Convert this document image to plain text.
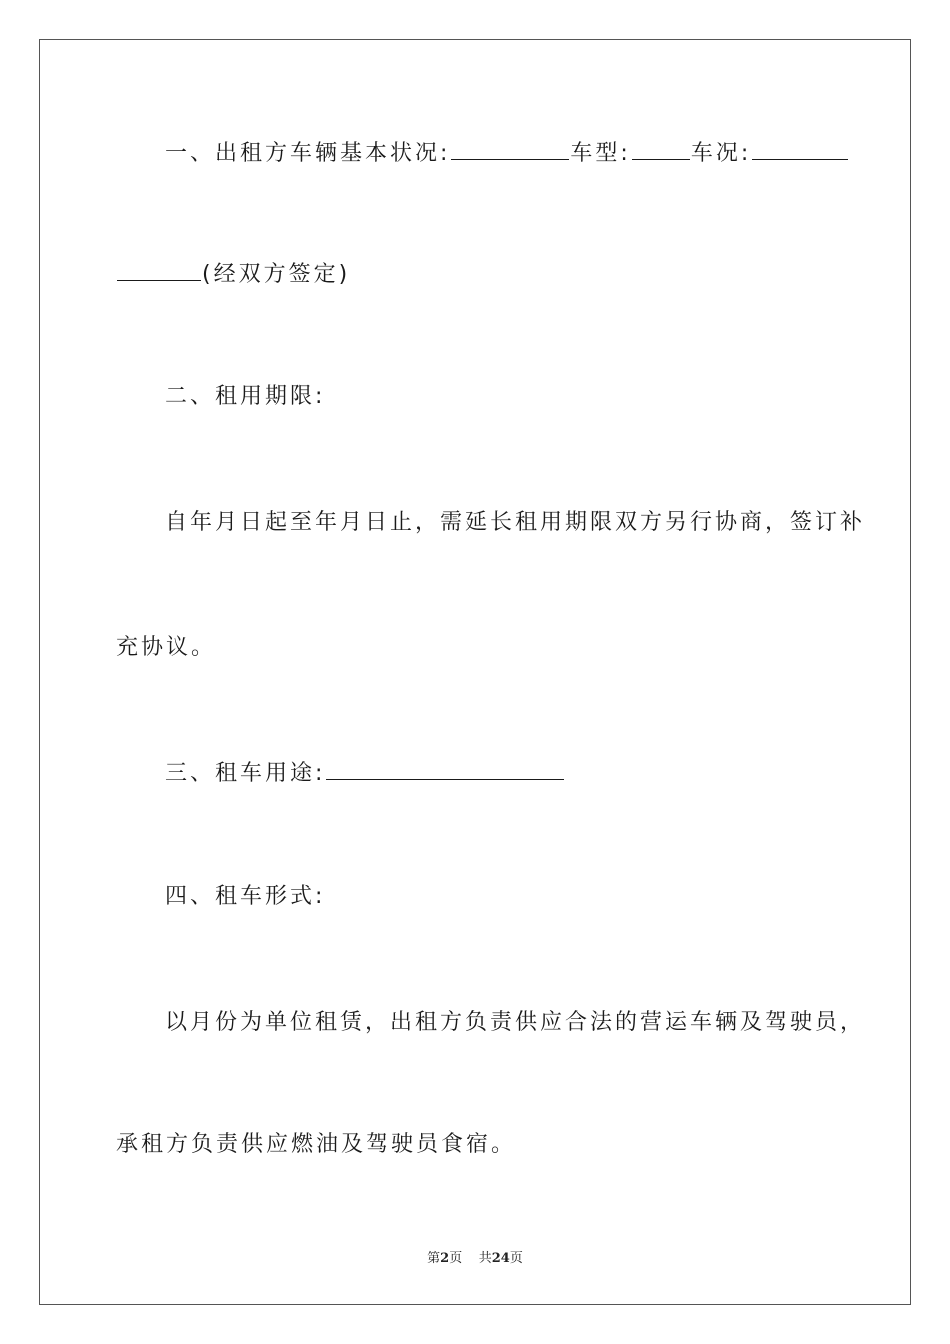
一、出租方车辆基本状况:	车型:	车况:
(经双方签定)
二、租用期限:
自年月日起至年月日止，需延长租用期限双方另行协商，签订补
充协议。
三、租车用途:
四、租车形式:
以月份为单位租赁，出租方负责供应合法的营运车辆及驾驶员，
承租方负责供应燃油及驾驶员食宿。
第2页 共24页
